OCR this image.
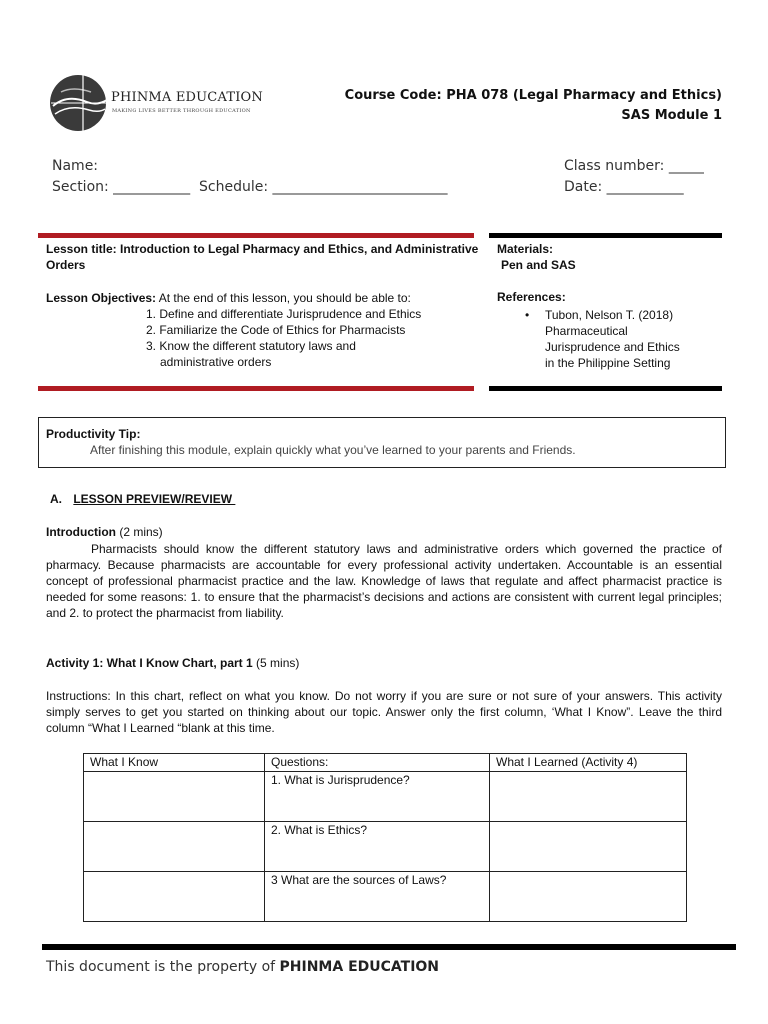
PHINMA EDUCATION
MAKING LIVES BETTER THROUGH EDUCATION
Course Code: PHA 078 (Legal Pharmacy and Ethics)
SAS Module 1
Name:
Section: ___________ Schedule: _________________________
Class number: _____
Date: ___________
Lesson title: Introduction to Legal Pharmacy and Ethics, and Administrative Orders
Lesson Objectives: At the end of this lesson, you should be able to:
1. Define and differentiate Jurisprudence and Ethics
2. Familiarize the Code of Ethics for Pharmacists
3. Know the different statutory laws and
administrative orders
Materials:
Pen and SAS
References:
• Tubon, Nelson T. (2018)
Pharmaceutical
Jurisprudence and Ethics
in the Philippine Setting
Productivity Tip:
After finishing this module, explain quickly what you’ve learned to your parents and Friends.
A. LESSON PREVIEW/REVIEW
Introduction (2 mins)
Pharmacists should know the different statutory laws and administrative orders which governed the practice of pharmacy. Because pharmacists are accountable for every professional activity undertaken. Accountable is an essential concept of professional pharmacist practice and the law. Knowledge of laws that regulate and affect pharmacist practice is needed for some reasons: 1. to ensure that the pharmacist’s decisions and actions are consistent with current legal principles; and 2. to protect the pharmacist from liability.
Activity 1: What I Know Chart, part 1 (5 mins)
Instructions: In this chart, reflect on what you know. Do not worry if you are sure or not sure of your answers. This activity simply serves to get you started on thinking about our topic. Answer only the first column, ‘What I Know”. Leave the third column “What I Learned “blank at this time.
What I Know	Questions:	What I Learned (Activity 4)
	1. What is Jurisprudence?	
	2. What is Ethics?	
	3 What are the sources of Laws?	
This document is the property of PHINMA EDUCATION
